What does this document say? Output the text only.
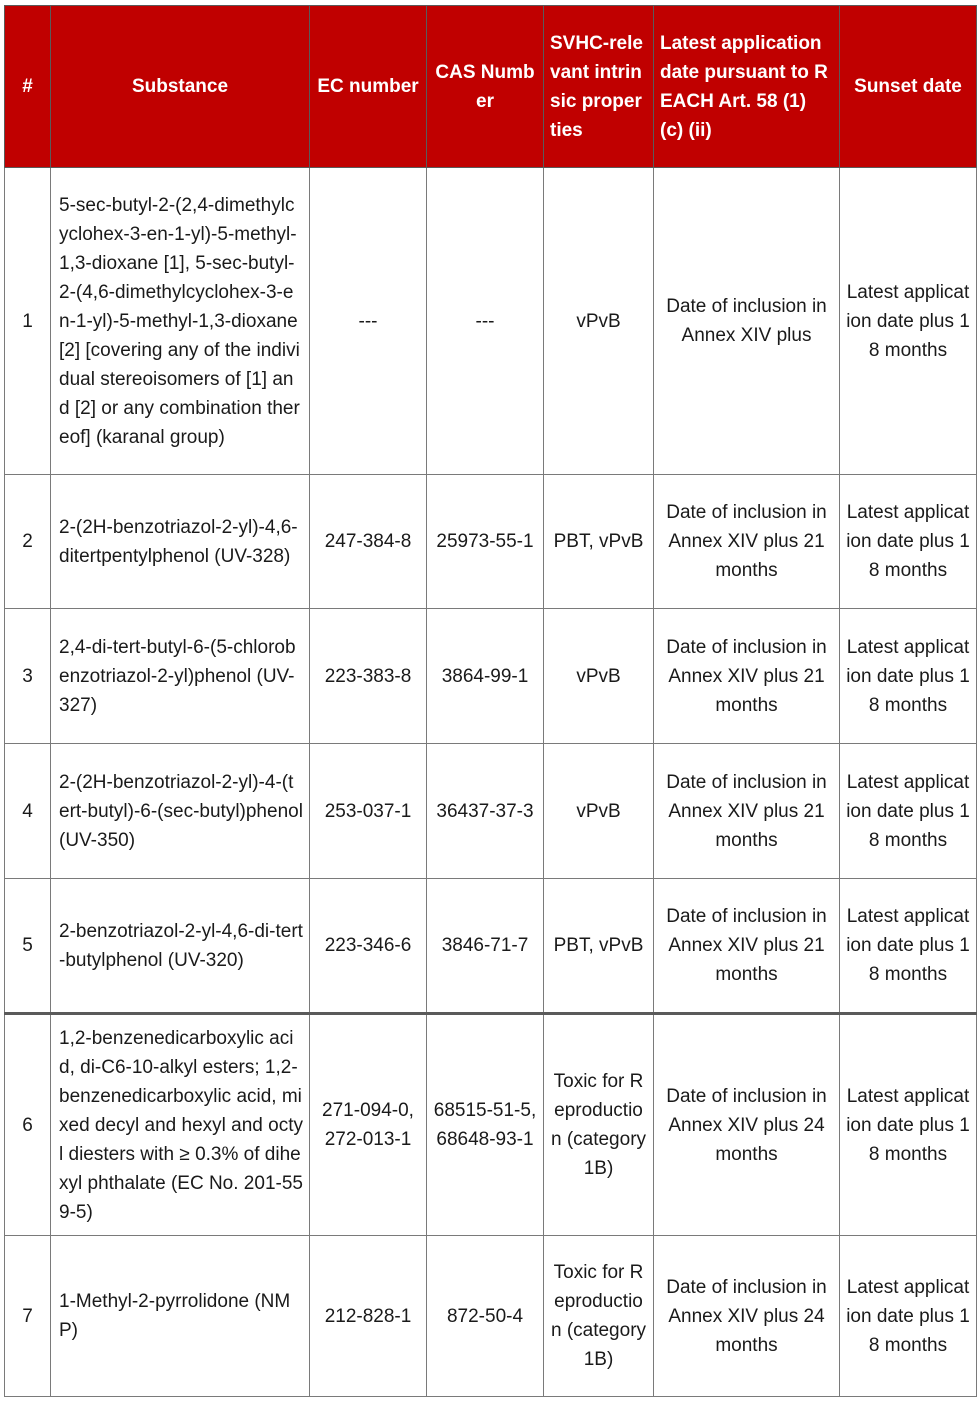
#	Substance	EC number	CAS Number	SVHC-relevant intrinsic properties	Latest application date pursuant to REACH Art. 58 (1) (c) (ii)	Sunset date
1	5-sec-butyl-2-(2,4-dimethylcyclohex-3-en-1-yl)-5-methyl-1,3-dioxane [1], 5-sec-butyl-2-(4,6-dimethylcyclohex-3-en-1-yl)-5-methyl-1,3-dioxane [2] [covering any of the individual stereoisomers of [1] and [2] or any combination thereof] (karanal group)	---	---	vPvB	Date of inclusion in Annex XIV plus	Latest application date plus 18 months
2	2-(2H-benzotriazol-2-yl)-4,6-ditertpentylphenol (UV-328)	247-384-8	25973-55-1	PBT, vPvB	Date of inclusion in Annex XIV plus 21 months	Latest application date plus 18 months
3	2,4-di-tert-butyl-6-(5-chlorobenzotriazol-2-yl)phenol (UV-327)	223-383-8	3864-99-1	vPvB	Date of inclusion in Annex XIV plus 21 months	Latest application date plus 18 months
4	2-(2H-benzotriazol-2-yl)-4-(tert-butyl)-6-(sec-butyl)phenol (UV-350)	253-037-1	36437-37-3	vPvB	Date of inclusion in Annex XIV plus 21 months	Latest application date plus 18 months
5	2-benzotriazol-2-yl-4,6-di-tert-butylphenol (UV-320)	223-346-6	3846-71-7	PBT, vPvB	Date of inclusion in Annex XIV plus 21 months	Latest application date plus 18 months
6	1,2-benzenedicarboxylic acid, di-C6-10-alkyl esters; 1,2-benzenedicarboxylic acid, mixed decyl and hexyl and octyl diesters with ≥ 0.3% of dihexyl phthalate (EC No. 201-559-5)	271-094-0, 272-013-1	68515-51-5, 68648-93-1	Toxic for Reproduction (category 1B)	Date of inclusion in Annex XIV plus 24 months	Latest application date plus 18 months
7	1-Methyl-2-pyrrolidone (NMP)	212-828-1	872-50-4	Toxic for Reproduction (category 1B)	Date of inclusion in Annex XIV plus 24 months	Latest application date plus 18 months
